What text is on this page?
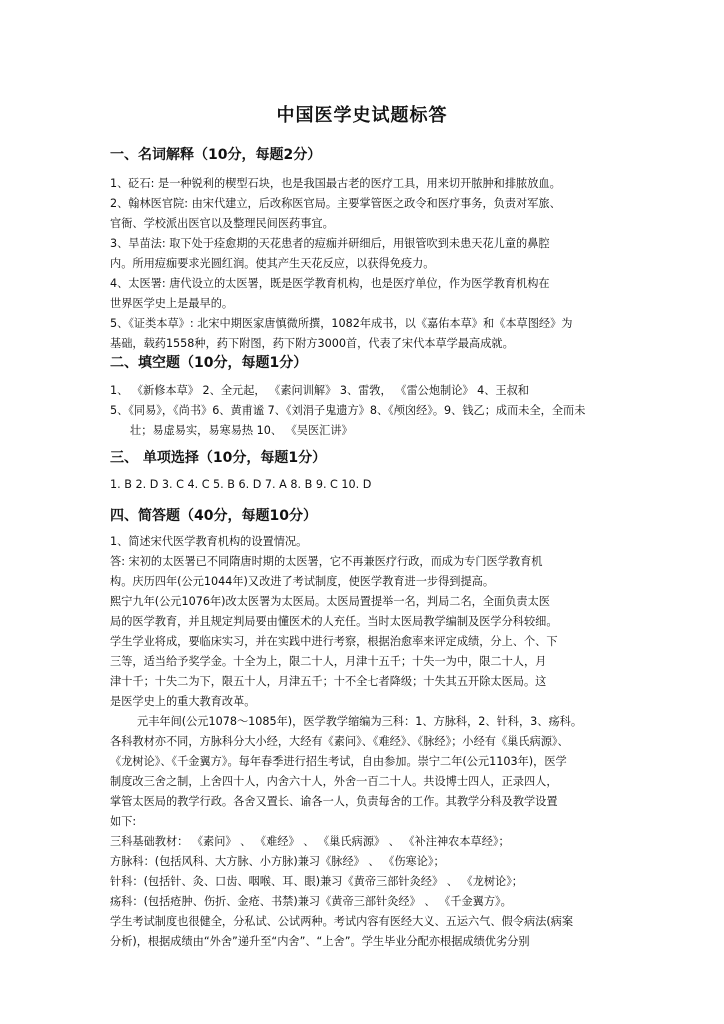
中国医学史试题标答
一、名词解释（10分，每题2分）
1、砭石: 是一种锐利的楔型石块，也是我国最古老的医疗工具，用来切开脓肿和排脓放血。
2、翰林医官院: 由宋代建立，后改称医官局。主要掌管医之政令和医疗事务，负责对军旅、
官衙、学校派出医官以及整理民间医药事宜。
3、旱苗法: 取下处于痊愈期的天花患者的痘痂并研细后，用银管吹到未患天花儿童的鼻腔
内。所用痘痂要求光圆红润。使其产生天花反应，以获得免疫力。
4、太医署: 唐代设立的太医署，既是医学教育机构，也是医疗单位，作为医学教育机构在
世界医学史上是最早的。
5、《证类本草》: 北宋中期医家唐慎微所撰，1082年成书，以《嘉佑本草》和《本草图经》为
基础，载药1558种，药下附图，药下附方3000首，代表了宋代本草学最高成就。
二、填空题（10分，每题1分）
1、 《新修本草》 2、全元起， 《素问训解》 3、雷敩， 《雷公炮制论》 4、王叔和
5、《同易》，《尚书》6、黄甫谧 7、《刘涓子鬼遗方》8、《颅囟经》。9、钱乙；成而未全，全而未
壮；易虚易实，易寒易热 10、 《吴医汇讲》
三、 单项选择（10分，每题1分）
1. B 2. D 3. C 4. C 5. B 6. D 7. A 8. B 9. C 10. D
四、简答题（40分，每题10分）
1、简述宋代医学教育机构的设置情况。
答: 宋初的太医署已不同隋唐时期的太医署，它不再兼医疗行政，而成为专门医学教育机
构。庆历四年(公元1044年)又改进了考试制度，使医学教育进一步得到提高。
熙宁九年(公元1076年)改太医署为太医局。太医局置提举一名，判局二名，全面负责太医
局的医学教育，并且规定判局要由懂医术的人充任。当时太医局教学编制及医学分科较细。
学生学业将成，要临床实习，并在实践中进行考察，根据治愈率来评定成绩，分上、个、下
三等，适当给予奖学金。十全为上，限二十人，月津十五千；十失一为中，限二十人，月
津十千；十失二为下，限五十人，月津五千；十不全七者降级；十失其五开除太医局。这
是医学史上的重大教育改革。
元丰年间(公元1078～1085年)，医学教学缩编为三科：1、方脉科，2、针科，3、疡科。
各科教材亦不同，方脉科分大小经，大经有《素问》、《难经》、《脉经》；小经有《巢氏病源》、
《龙树论》、《千金翼方》。每年春季进行招生考试，自由参加。崇宁二年(公元1103年)，医学
制度改三舍之制，上舍四十人，内舍六十人，外舍一百二十人。共设博士四人，正录四人，
掌管太医局的教学行政。各舍又置长、谕各一人，负责每舍的工作。其教学分科及教学设置
如下:
三科基础教材： 《素问》 、 《难经》 、 《巢氏病源》 、 《补注神农本草经》；
方脉科：(包括风科、大方脉、小方脉)兼习《脉经》 、 《伤寒论》；
针科：(包括针、灸、口齿、咽喉、耳、眼)兼习《黄帝三部针灸经》 、 《龙树论》；
疡科：(包括疮肿、伤折、金疮、书禁)兼习《黄帝三部针灸经》 、 《千金翼方》。
学生考试制度也很健全，分私试、公试两种。考试内容有医经大义、五运六气、假令病法(病案
分析)，根据成绩由“外舍”递升至“内舍”、“上舍”。学生毕业分配亦根据成绩优劣分别
